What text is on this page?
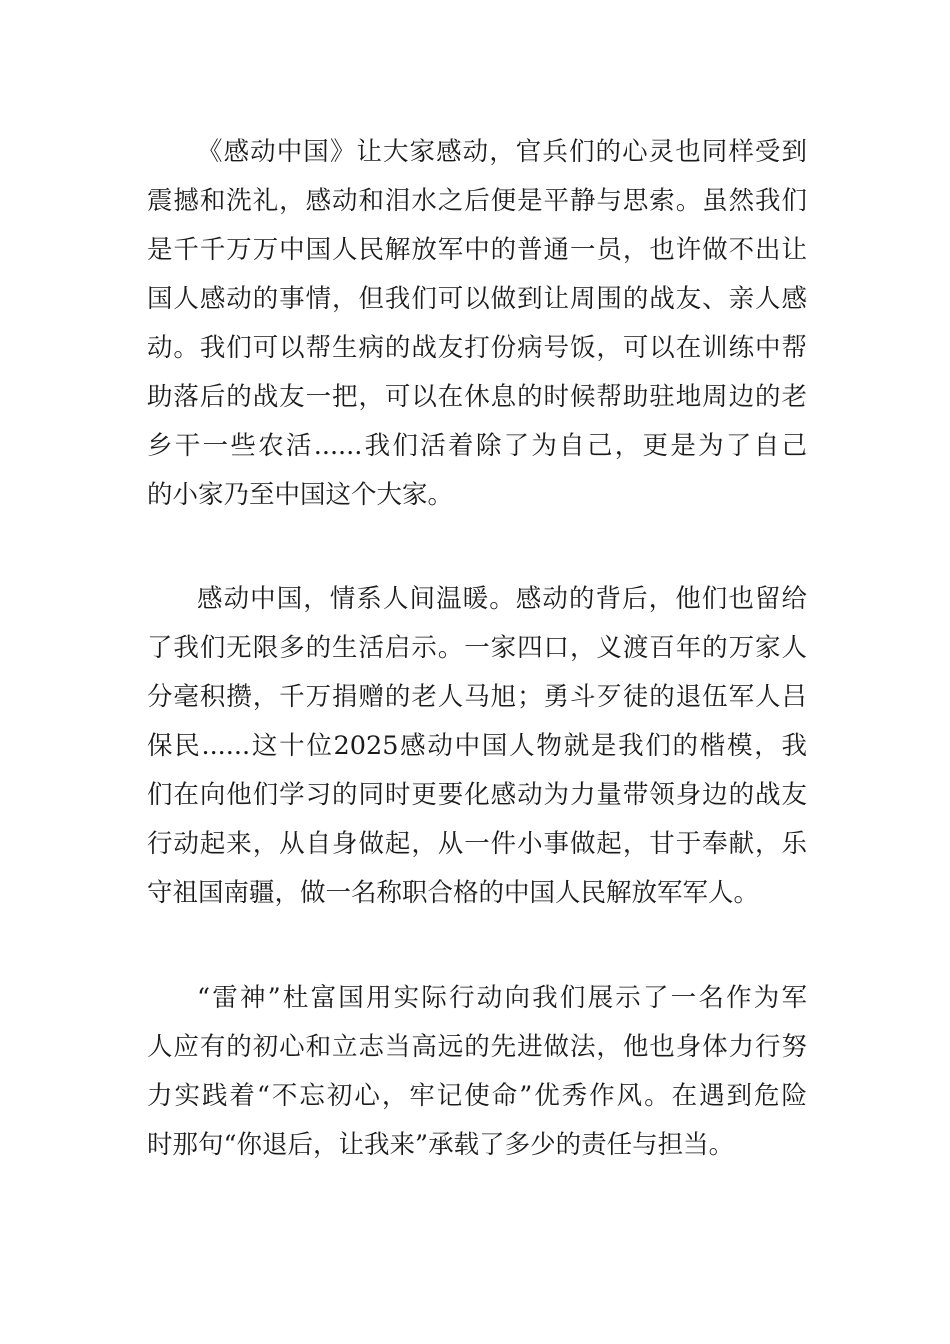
《感动中国》让大家感动，官兵们的心灵也同样受到
震撼和洗礼，感动和泪水之后便是平静与思索。虽然我们
是千千万万中国人民解放军中的普通一员，也许做不出让
国人感动的事情，但我们可以做到让周围的战友、亲人感
动。我们可以帮生病的战友打份病号饭，可以在训练中帮
助落后的战友一把，可以在休息的时候帮助驻地周边的老
乡干一些农活......我们活着除了为自己，更是为了自己
的小家乃至中国这个大家。
感动中国，情系人间温暖。感动的背后，他们也留给
了我们无限多的生活启示。一家四口，义渡百年的万家人
分毫积攒，千万捐赠的老人马旭；勇斗歹徒的退伍军人吕
保民......这十位2025感动中国人物就是我们的楷模，我
们在向他们学习的同时更要化感动为力量带领身边的战友
行动起来，从自身做起，从一件小事做起，甘于奉献，乐
守祖国南疆，做一名称职合格的中国人民解放军军人。
“雷神”杜富国用实际行动向我们展示了一名作为军
人应有的初心和立志当高远的先进做法，他也身体力行努
力实践着“不忘初心，牢记使命”优秀作风。在遇到危险
时那句“你退后，让我来”承载了多少的责任与担当。
